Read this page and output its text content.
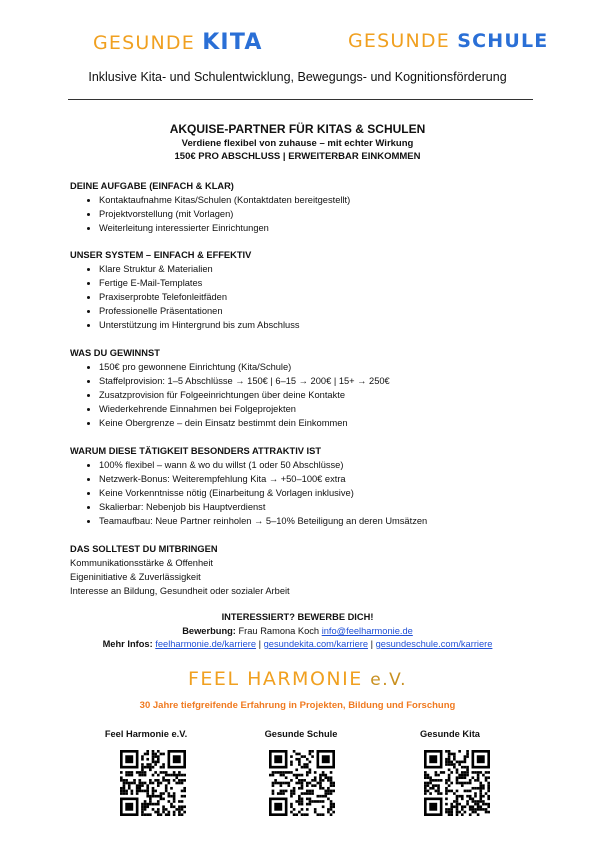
GESUNDE KITA	GESUNDE SCHULE
Inklusive Kita- und Schulentwicklung, Bewegungs- und Kognitionsförderung
AKQUISE-PARTNER FÜR KITAS & SCHULEN
Verdiene flexibel von zuhause – mit echter Wirkung
150€ PRO ABSCHLUSS | ERWEITERBAR EINKOMMEN
DEINE AUFGABE (EINFACH & KLAR)
• Kontaktaufnahme Kitas/Schulen (Kontaktdaten bereitgestellt)
• Projektvorstellung (mit Vorlagen)
• Weiterleitung interessierter Einrichtungen
UNSER SYSTEM – EINFACH & EFFEKTIV
• Klare Struktur & Materialien
• Fertige E-Mail-Templates
• Praxiserprobte Telefonleitfäden
• Professionelle Präsentationen
• Unterstützung im Hintergrund bis zum Abschluss
WAS DU GEWINNST
• 150€ pro gewonnene Einrichtung (Kita/Schule)
• Staffelprovision: 1–5 Abschlüsse → 150€ | 6–15 → 200€ | 15+ → 250€
• Zusatzprovision für Folgeeinrichtungen über deine Kontakte
• Wiederkehrende Einnahmen bei Folgeprojekten
• Keine Obergrenze – dein Einsatz bestimmt dein Einkommen
WARUM DIESE TÄTIGKEIT BESONDERS ATTRAKTIV IST
• 100% flexibel – wann & wo du willst (1 oder 50 Abschlüsse)
• Netzwerk-Bonus: Weiterempfehlung Kita → +50–100€ extra
• Keine Vorkenntnisse nötig (Einarbeitung & Vorlagen inklusive)
• Skalierbar: Nebenjob bis Hauptverdienst
• Teamaufbau: Neue Partner reinholen → 5–10% Beteiligung an deren Umsätzen
DAS SOLLTEST DU MITBRINGEN

Kommunikationsstärke & Offenheit

Eigeninitiative & Zuverlässigkeit

Interesse an Bildung, Gesundheit oder sozialer Arbeit

INTERESSIERT? BEWERBE DICH!
Bewerbung: Frau Ramona Koch info@feelharmonie.de
Mehr Infos: feelharmonie.de/karriere | gesundekita.com/karriere | gesundeschule.com/karriere
FEEL HARMONIE e.V.
30 Jahre tiefgreifende Erfahrung in Projekten, Bildung und Forschung
Feel Harmonie e.V.	Gesunde Schule	Gesunde Kita
